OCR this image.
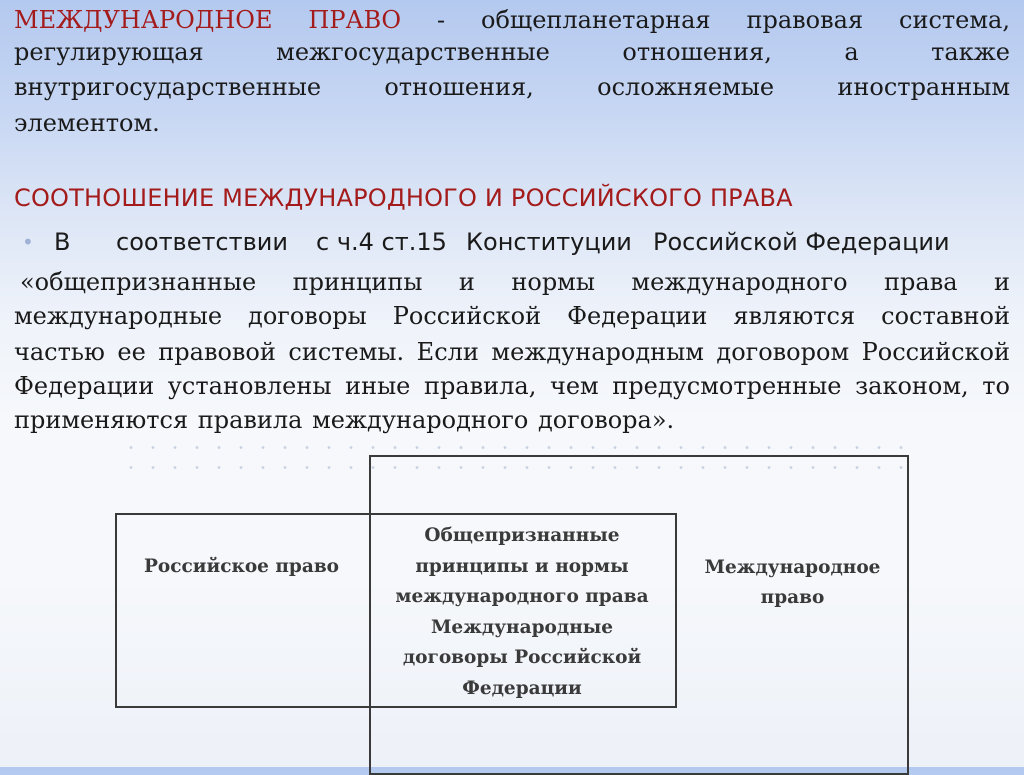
МЕЖДУНАРОДНОЕ ПРАВО - общепланетарная правовая система,
регулирующая межгосударственные отношения, а также
внутригосударственные отношения, осложняемые иностранным
элементом.
СООТНОШЕНИЕ МЕЖДУНАРОДНОГО И РОССИЙСКОГО ПРАВА
• В соответствии с ч.4 ст.15 Конституции Российской Федерации
«общепризнанные принципы и нормы международного права и
международные договоры Российской Федерации являются составной
частью ее правовой системы. Если международным договором Российской
Федерации установлены иные правила, чем предусмотренные законом, то
применяются правила международного договора».
Российское право
Общепризнанные
принципы и нормы
международного права
Международные
договоры Российской
Федерации
Международное
право
